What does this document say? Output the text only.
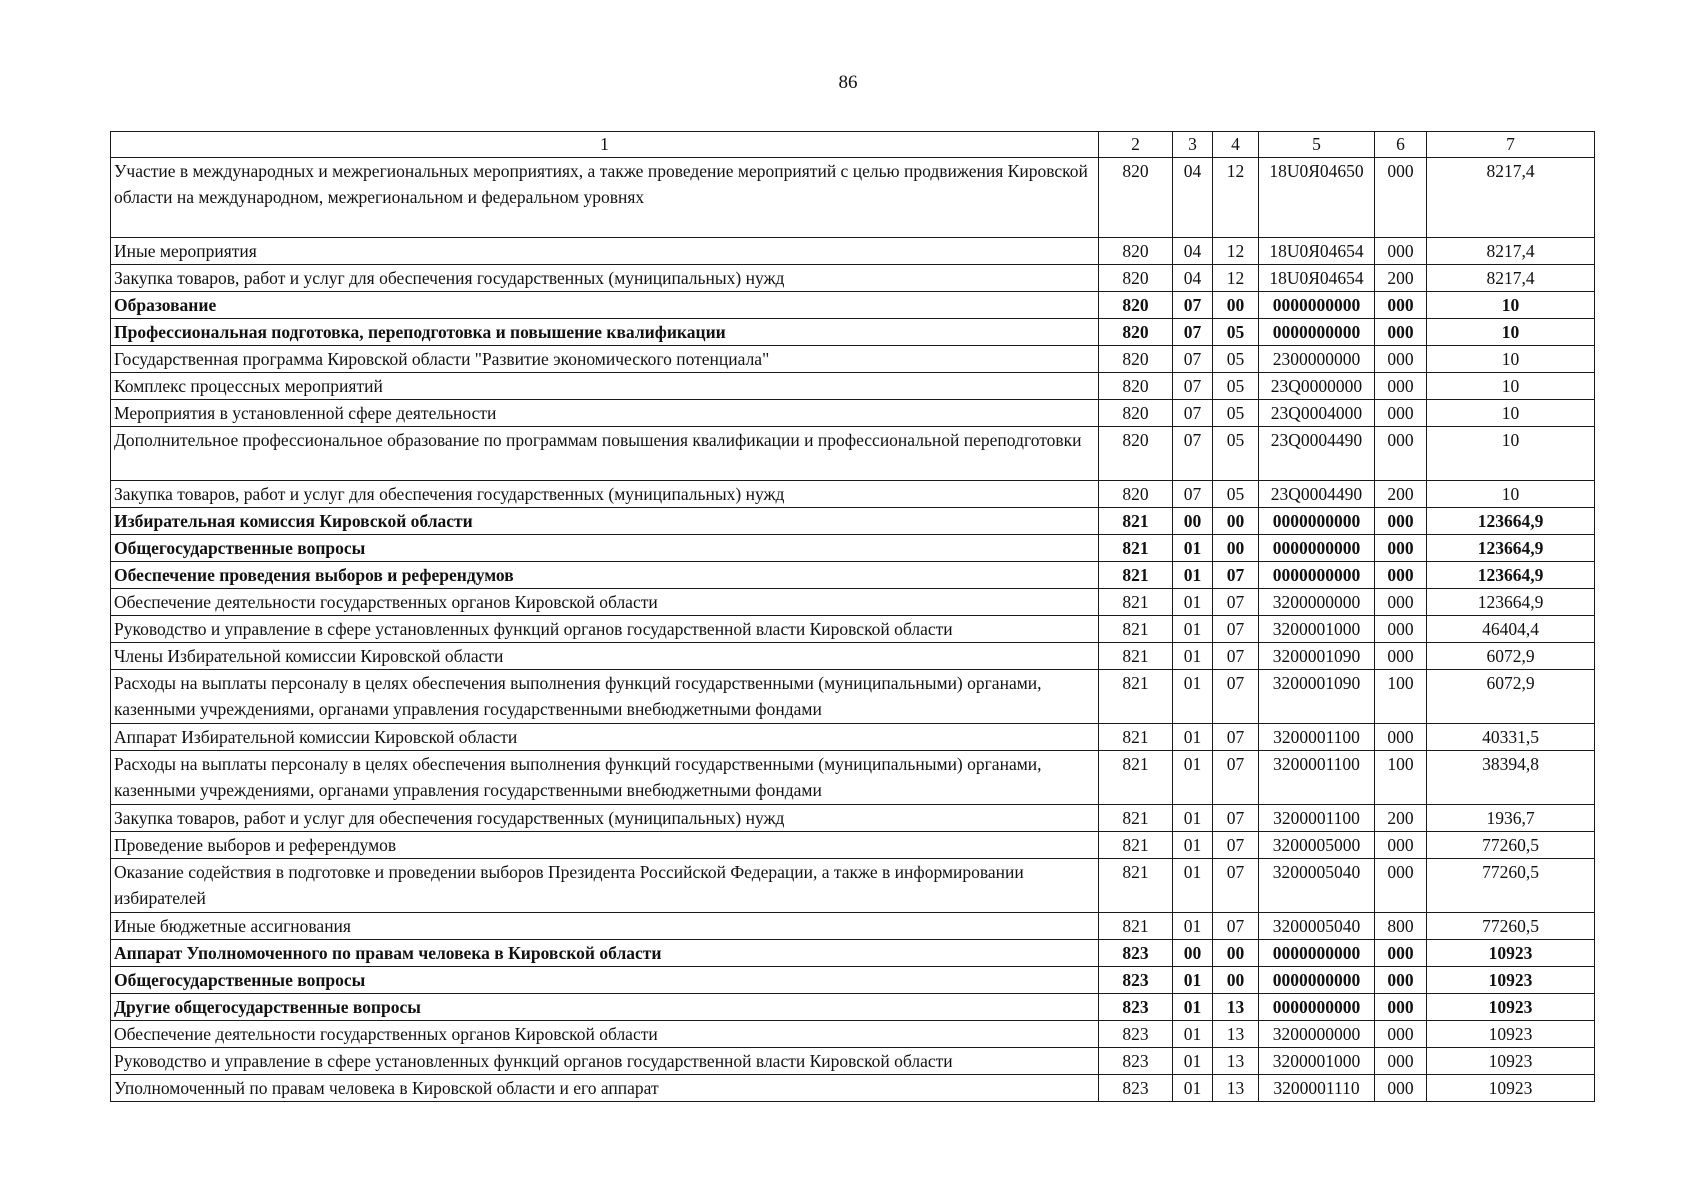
86
1	2	3	4	5	6	7
Участие в международных и межрегиональных мероприятиях, а также проведение мероприятий с целью продвижения Кировской области на международном, межрегиональном и федеральном уровнях	820	04	12	18U0Я04650	000	8217,4
Иные мероприятия	820	04	12	18U0Я04654	000	8217,4
Закупка товаров, работ и услуг для обеспечения государственных (муниципальных) нужд	820	04	12	18U0Я04654	200	8217,4
Образование	820	07	00	0000000000	000	10
Профессиональная подготовка, переподготовка и повышение квалификации	820	07	05	0000000000	000	10
Государственная программа Кировской области "Развитие экономического потенциала"	820	07	05	2300000000	000	10
Комплекс процессных мероприятий	820	07	05	23Q0000000	000	10
Мероприятия в установленной сфере деятельности	820	07	05	23Q0004000	000	10
Дополнительное профессиональное образование по программам повышения квалификации и профессиональной переподготовки	820	07	05	23Q0004490	000	10
Закупка товаров, работ и услуг для обеспечения государственных (муниципальных) нужд	820	07	05	23Q0004490	200	10
Избирательная комиссия Кировской области	821	00	00	0000000000	000	123664,9
Общегосударственные вопросы	821	01	00	0000000000	000	123664,9
Обеспечение проведения выборов и референдумов	821	01	07	0000000000	000	123664,9
Обеспечение деятельности государственных органов Кировской области	821	01	07	3200000000	000	123664,9
Руководство и управление в сфере установленных функций органов государственной власти Кировской области	821	01	07	3200001000	000	46404,4
Члены Избирательной комиссии Кировской области	821	01	07	3200001090	000	6072,9
Расходы на выплаты персоналу в целях обеспечения выполнения функций государственными (муниципальными) органами, казенными учреждениями, органами управления государственными внебюджетными фондами	821	01	07	3200001090	100	6072,9
Аппарат Избирательной комиссии Кировской области	821	01	07	3200001100	000	40331,5
Расходы на выплаты персоналу в целях обеспечения выполнения функций государственными (муниципальными) органами, казенными учреждениями, органами управления государственными внебюджетными фондами	821	01	07	3200001100	100	38394,8
Закупка товаров, работ и услуг для обеспечения государственных (муниципальных) нужд	821	01	07	3200001100	200	1936,7
Проведение выборов и референдумов	821	01	07	3200005000	000	77260,5
Оказание содействия в подготовке и проведении выборов Президента Российской Федерации, а также в информировании избирателей	821	01	07	3200005040	000	77260,5
Иные бюджетные ассигнования	821	01	07	3200005040	800	77260,5
Аппарат Уполномоченного по правам человека в Кировской области	823	00	00	0000000000	000	10923
Общегосударственные вопросы	823	01	00	0000000000	000	10923
Другие общегосударственные вопросы	823	01	13	0000000000	000	10923
Обеспечение деятельности государственных органов Кировской области	823	01	13	3200000000	000	10923
Руководство и управление в сфере установленных функций органов государственной власти Кировской области	823	01	13	3200001000	000	10923
Уполномоченный по правам человека в Кировской области и его аппарат	823	01	13	3200001110	000	10923
